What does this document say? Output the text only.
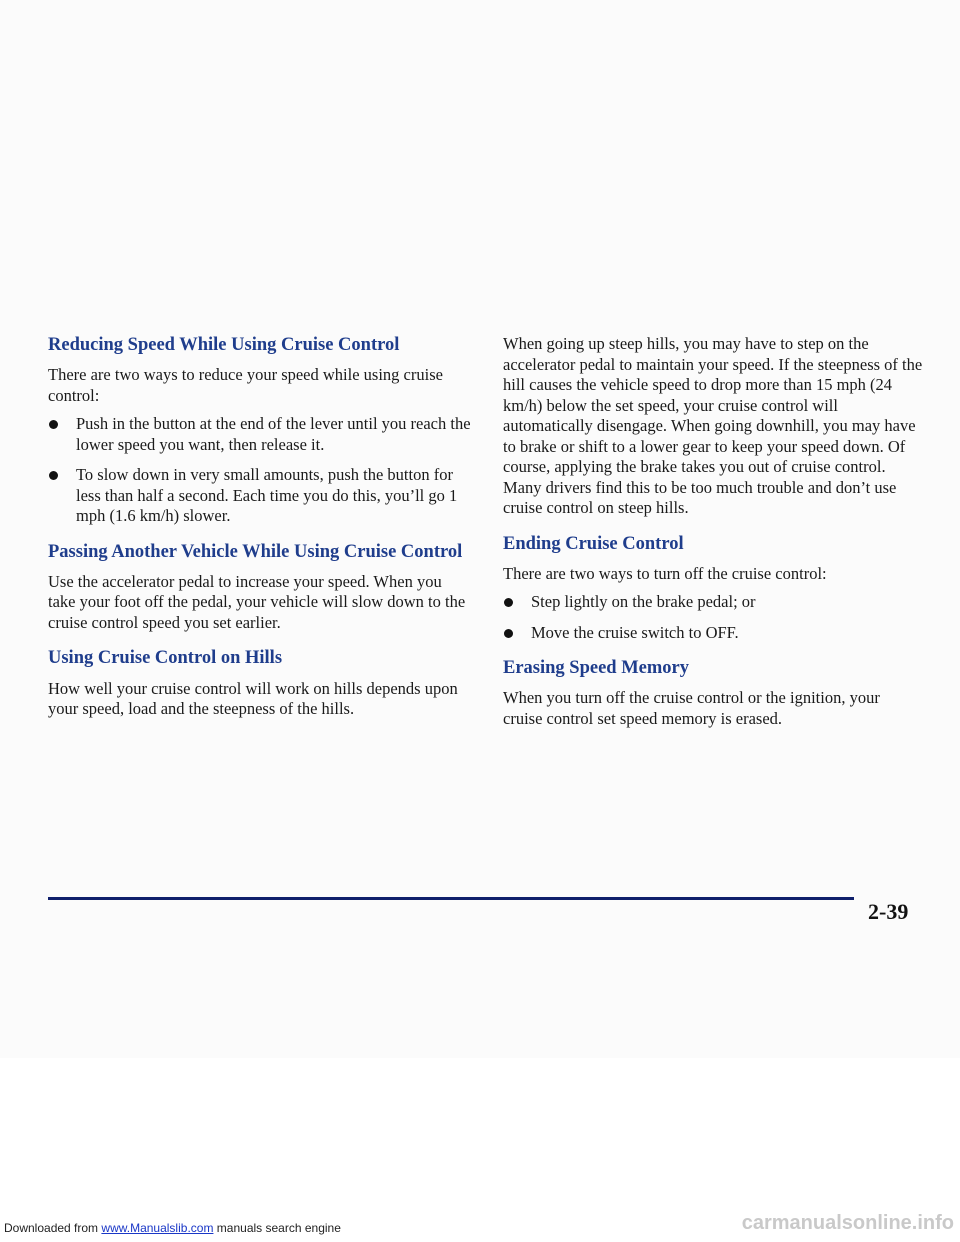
Reducing Speed While Using Cruise Control

There are two ways to reduce your speed while using cruise control:

Push in the button at the end of the lever until you reach the lower speed you want, then release it.
To slow down in very small amounts, push the button for less than half a second. Each time you do this, you’ll go 1 mph (1.6 km/h) slower.
Passing Another Vehicle While Using Cruise Control

Use the accelerator pedal to increase your speed. When you take your foot off the pedal, your vehicle will slow down to the cruise control speed you set earlier.

Using Cruise Control on Hills

How well your cruise control will work on hills depends upon your speed, load and the steepness of the hills.

When going up steep hills, you may have to step on the accelerator pedal to maintain your speed. If the steepness of the hill causes the vehicle speed to drop more than 15 mph (24 km/h) below the set speed, your cruise control will automatically disengage. When going downhill, you may have to brake or shift to a lower gear to keep your speed down. Of course, applying the brake takes you out of cruise control. Many drivers find this to be too much trouble and don’t use cruise control on steep hills.

Ending Cruise Control

There are two ways to turn off the cruise control:

Step lightly on the brake pedal; or
Move the cruise switch to OFF.
Erasing Speed Memory

When you turn off the cruise control or the ignition, your cruise control set speed memory is erased.

2-39
Downloaded from www.Manualslib.com manuals search engine	carmanualsonline.info
